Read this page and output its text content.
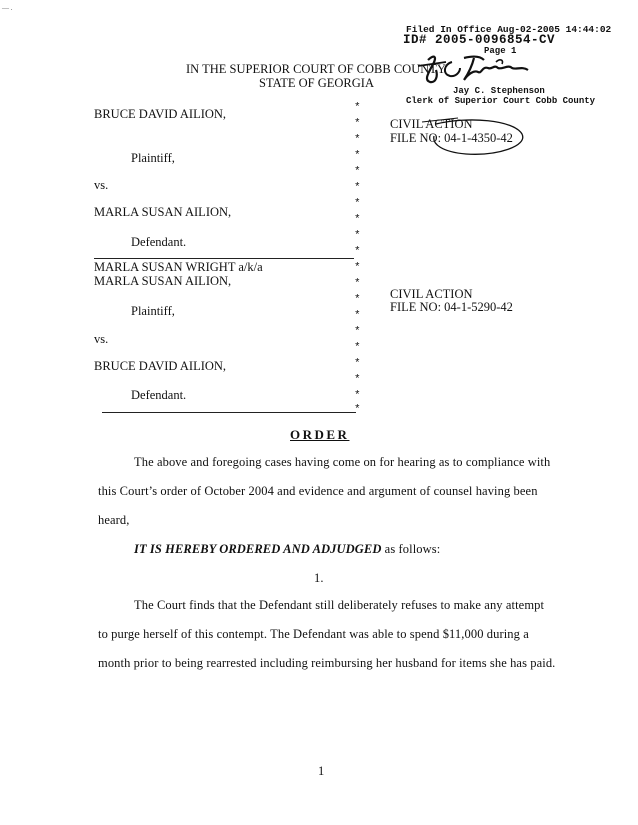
— .
Filed In Office Aug-02-2005 14:44:02
ID# 2005-0096854-CV
Page 1
Jay C. Stephenson
Clerk of Superior Court Cobb County
IN THE SUPERIOR COURT OF COBB COUNTY
STATE OF GEORGIA
BRUCE DAVID AILION,
Plaintiff,
vs.
MARLA SUSAN AILION,
Defendant.
CIVIL ACTION
FILE NO: 04-1-4350-42
MARLA SUSAN WRIGHT a/k/a
MARLA SUSAN AILION,
Plaintiff,
vs.
BRUCE DAVID AILION,
Defendant.
CIVIL ACTION
FILE NO: 04-1-5290-42
*
*
*
*
*
*
*
*
*
*
*
*
*
*
*
*
*
*
*
*
ORDER
The above and foregoing cases having come on for hearing as to compliance with
this Court’s order of October 2004 and evidence and argument of counsel having been
heard,
IT IS HEREBY ORDERED AND ADJUDGED as follows:
1.
The Court finds that the Defendant still deliberately refuses to make any attempt
to purge herself of this contempt. The Defendant was able to spend $11,000 during a
month prior to being rearrested including reimbursing her husband for items she has paid.
1
